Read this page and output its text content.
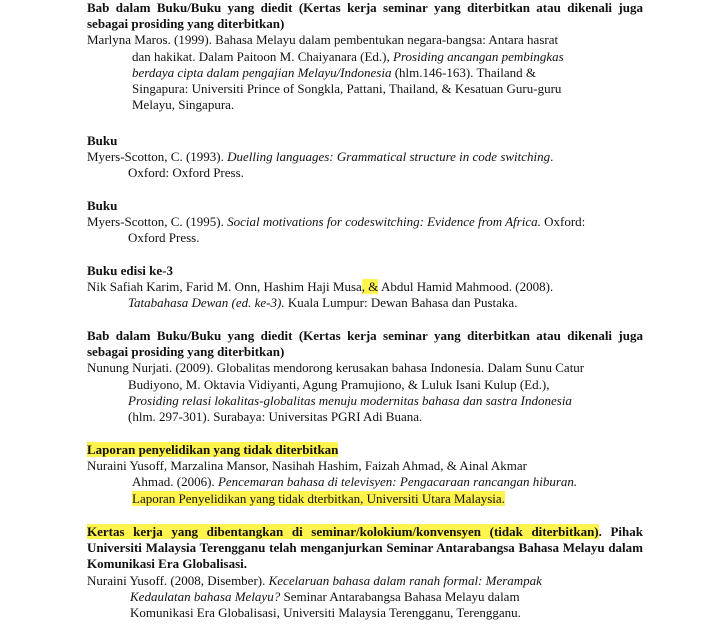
Bab dalam Buku/Buku yang diedit (Kertas kerja seminar yang diterbitkan atau dikenali juga sebagai prosiding yang diterbitkan)
Marlyna Maros. (1999). Bahasa Melayu dalam pembentukan negara-bangsa: Antara hasrat
dan hakikat. Dalam Paitoon M. Chaiyanara (Ed.), Prosiding ancangan pembingkas
berdaya cipta dalam pengajian Melayu/Indonesia (hlm.146-163). Thailand &
Singapura: Universiti Prince of Songkla, Pattani, Thailand, & Kesatuan Guru-guru
Melayu, Singapura.
Buku
Myers-Scotton, C. (1993). Duelling languages: Grammatical structure in code switching.
Oxford: Oxford Press.
Buku
Myers-Scotton, C. (1995). Social motivations for codeswitching: Evidence from Africa. Oxford:
Oxford Press.
Buku edisi ke-3
Nik Safiah Karim, Farid M. Onn, Hashim Haji Musa, & Abdul Hamid Mahmood. (2008).
Tatabahasa Dewan (ed. ke-3). Kuala Lumpur: Dewan Bahasa dan Pustaka.
Bab dalam Buku/Buku yang diedit (Kertas kerja seminar yang diterbitkan atau dikenali juga sebagai prosiding yang diterbitkan)
Nunung Nurjati. (2009). Globalitas mendorong kerusakan bahasa Indonesia. Dalam Sunu Catur
Budiyono, M. Oktavia Vidiyanti, Agung Pramujiono, & Luluk Isani Kulup (Ed.),
Prosiding relasi lokalitas-globalitas menuju modernitas bahasa dan sastra Indonesia
(hlm. 297-301). Surabaya: Universitas PGRI Adi Buana.
Laporan penyelidikan yang tidak diterbitkan
Nuraini Yusoff, Marzalina Mansor, Nasihah Hashim, Faizah Ahmad, & Ainal Akmar
Ahmad. (2006). Pencemaran bahasa di televisyen: Pengacaraan rancangan hiburan.
Laporan Penyelidikan yang tidak dterbitkan, Universiti Utara Malaysia.
Kertas kerja yang dibentangkan di seminar/kolokium/konvensyen (tidak diterbitkan). Pihak Universiti Malaysia Terengganu telah menganjurkan Seminar Antarabangsa Bahasa Melayu dalam Komunikasi Era Globalisasi.
Nuraini Yusoff. (2008, Disember). Kecelaruan bahasa dalam ranah formal: Merampak
Kedaulatan bahasa Melayu? Seminar Antarabangsa Bahasa Melayu dalam
Komunikasi Era Globalisasi, Universiti Malaysia Terengganu, Terengganu.
